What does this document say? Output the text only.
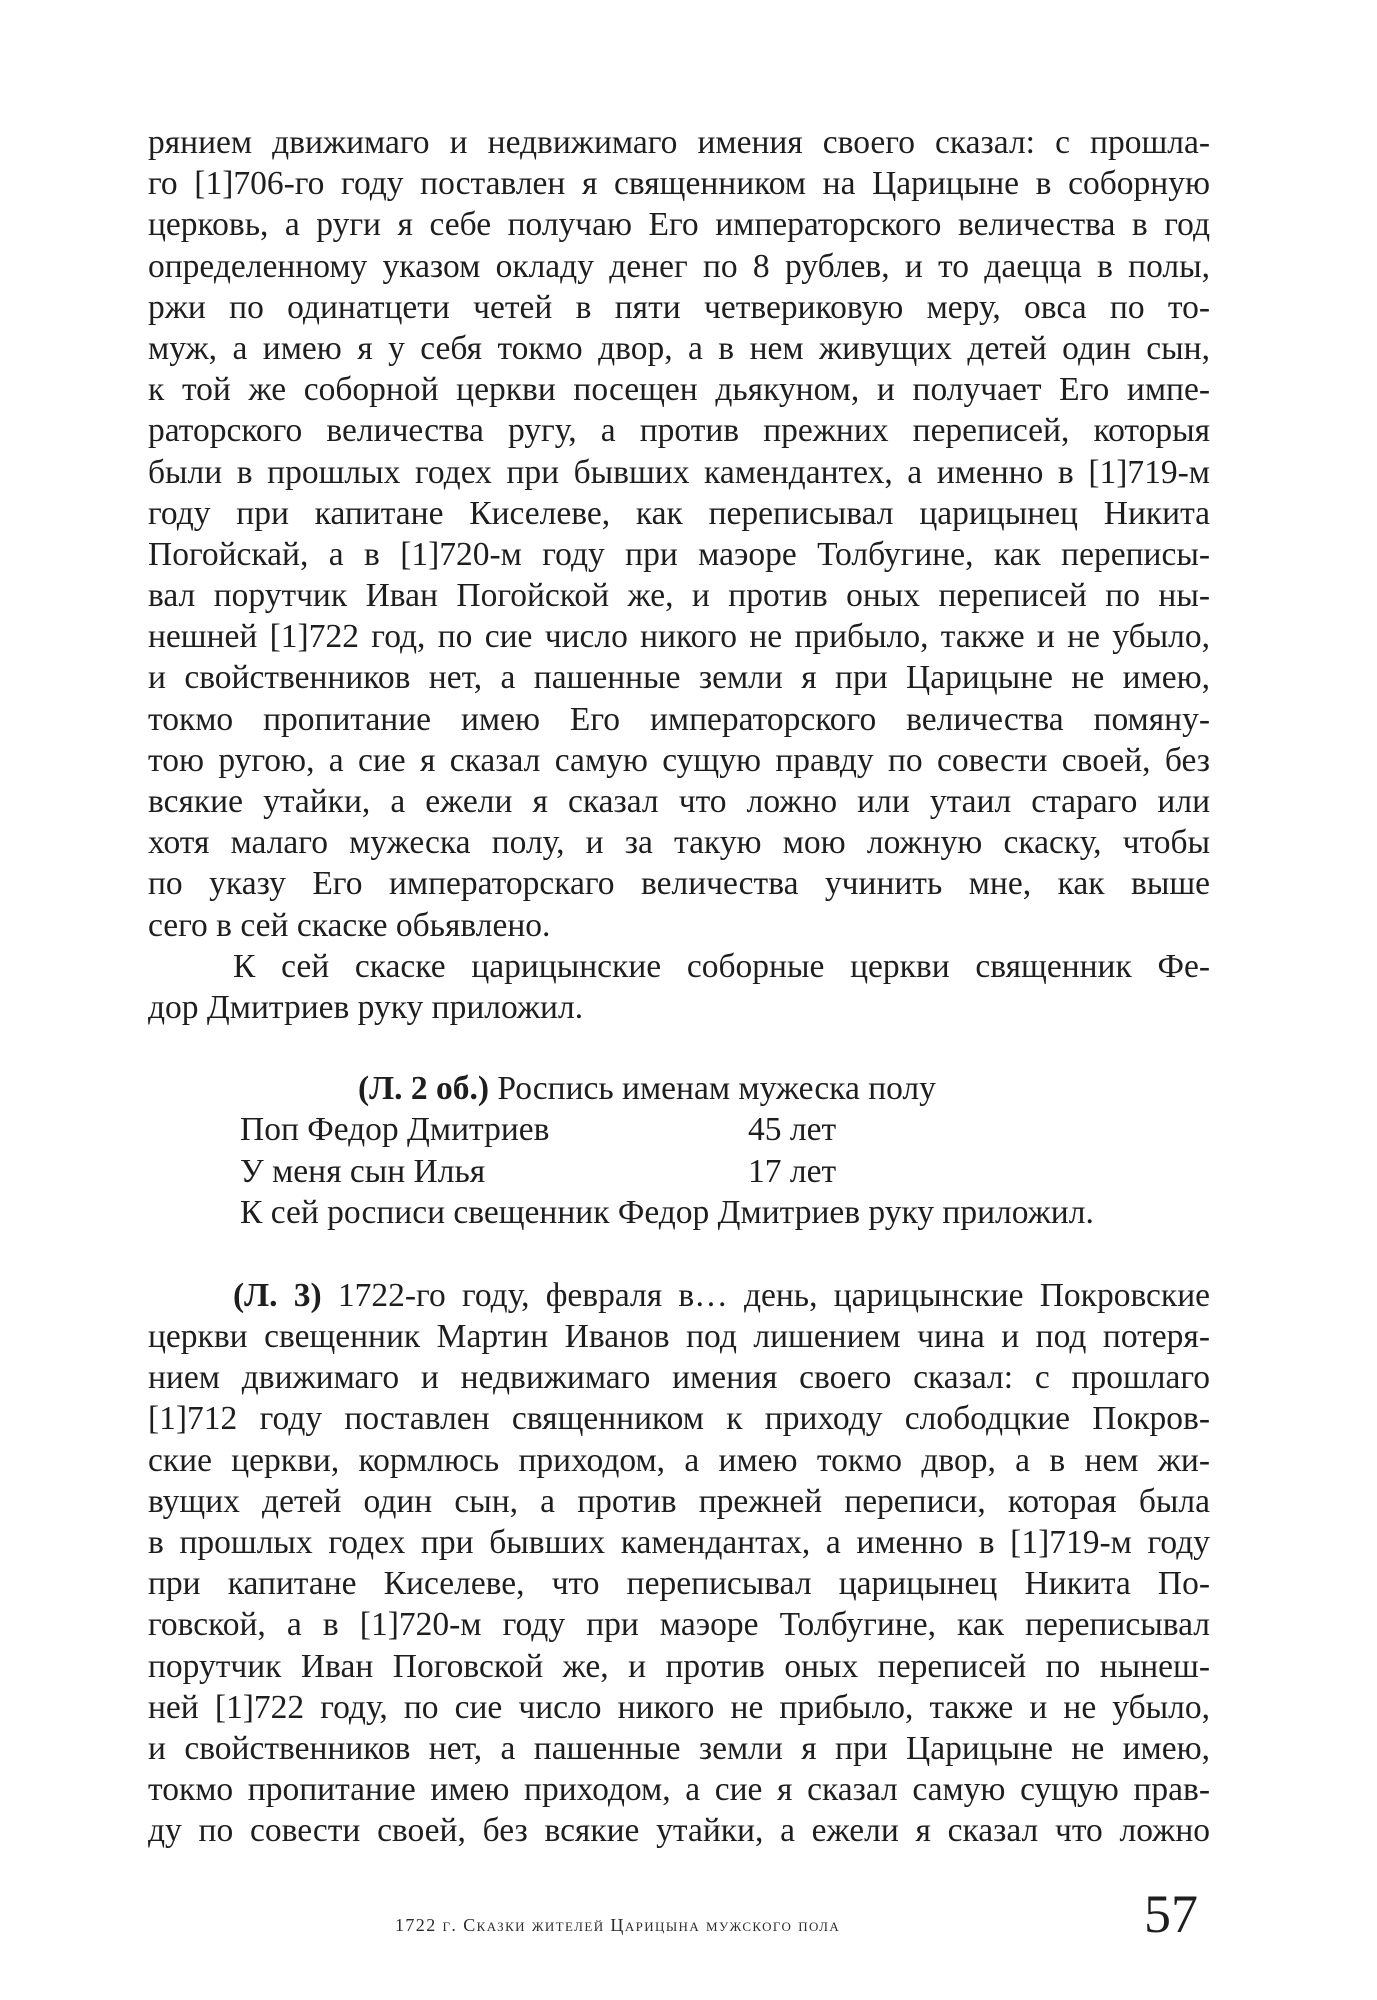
рянием движимаго и недвижимаго имения своего сказал: с прошла-
го [1]706-го году поставлен я священником на Царицыне в соборную
церковь, а руги я себе получаю Его императорского величества в год
определенному указом окладу денег по 8 рублев, и то даецца в полы,
ржи по одинатцети четей в пяти четвериковую меру, овса по то-
муж, а имею я у себя токмо двор, а в нем живущих детей один сын,
к той же соборной церкви посещен дьякуном, и получает Его импе-
раторского величества ругу, а против прежних переписей, которыя
были в прошлых годех при бывших камендантех, а именно в [1]719-м
году при капитане Киселеве, как переписывал царицынец Никита
Погойскай, а в [1]720-м году при маэоре Толбугине, как переписы-
вал порутчик Иван Погойской же, и против оных переписей по ны-
нешней [1]722 год, по сие число никого не прибыло, также и не убыло,
и свойственников нет, а пашенные земли я при Царицыне не имею,
токмо пропитание имею Его императорского величества помяну-
тою ругою, а сие я сказал самую сущую правду по совести своей, без
всякие утайки, а ежели я сказал что ложно или утаил стараго или
хотя малаго мужеска полу, и за такую мою ложную скаску, чтобы
по указу Его императорскаго величества учинить мне, как выше
сего в сей скаске обьявлено.
К сей скаске царицынские соборные церкви священник Фе-
дор Дмитриев руку приложил.
(Л. 2 об.) Роспись именам мужеска полу
Поп Федор Дмитриев	45 лет
У меня сын Илья	17 лет
К сей росписи свещенник Федор Дмитриев руку приложил.
(Л. 3) 1722-го году, февраля в… день, царицынские Покровские
церкви свещенник Мартин Иванов под лишением чина и под потеря-
нием движимаго и недвижимаго имения своего сказал: с прошлаго
[1]712 году поставлен священником к приходу слободцкие Покров-
ские церкви, кормлюсь приходом, а имею токмо двор, а в нем жи-
вущих детей один сын, а против прежней переписи, которая была
в прошлых годех при бывших камендантах, а именно в [1]719-м году
при капитане Киселеве, что переписывал царицынец Никита По-
говской, а в [1]720-м году при маэоре Толбугине, как переписывал
порутчик Иван Поговской же, и против оных переписей по нынеш-
ней [1]722 году, по сие число никого не прибыло, также и не убыло,
и свойственников нет, а пашенные земли я при Царицыне не имею,
токмо пропитание имею приходом, а сие я сказал самую сущую прав-
ду по совести своей, без всякие утайки, а ежели я сказал что ложно
1722 г. Сказки жителей Царицына мужского пола	57
